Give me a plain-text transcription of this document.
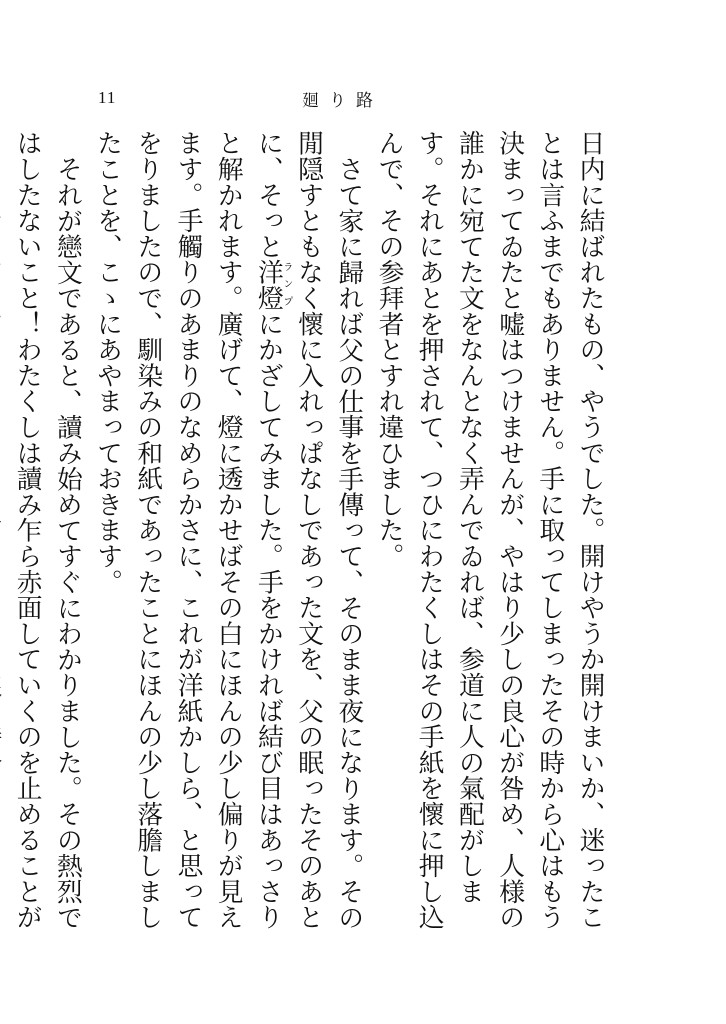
11	廻り路

日内に結ばれたもの、やうでした。開けやうか開けまいか、迷ったことは言ふまでもありません。手に取ってしまったその時から心はもう決まってゐたと嘘はつけませんが、やはり少しの良心が咎め、人様の誰かに宛てた文をなんとなく弄んでゐれば、参道に人の氣配がします。それにあとを押されて、つひにわたくしはその手紙を懷に押し込んで、その参拜者とすれ違ひました。

さて家に歸れば父の仕事を手傳って、そのまま夜になります。その閒隠すともなく懷に入れっぱなしであった文を、父の眠ったそのあとに、そっと洋燈ランプにかざしてみました。手をかければ結び目はあっさりと解かれます。廣げて、燈に透かせばその白にほんの少し偏りが見えます。手觸りのあまりのなめらかさに、これが洋紙かしら、と思ってをりましたので、馴染みの和紙であったことにほんの少し落膽しましたことを、こゝにあやまっておきます。

それが戀文であると、讀み始めてすぐにわかりました。その熱烈ではしたないこと！わたくしは讀み乍ら赤面していくのを止めることが
